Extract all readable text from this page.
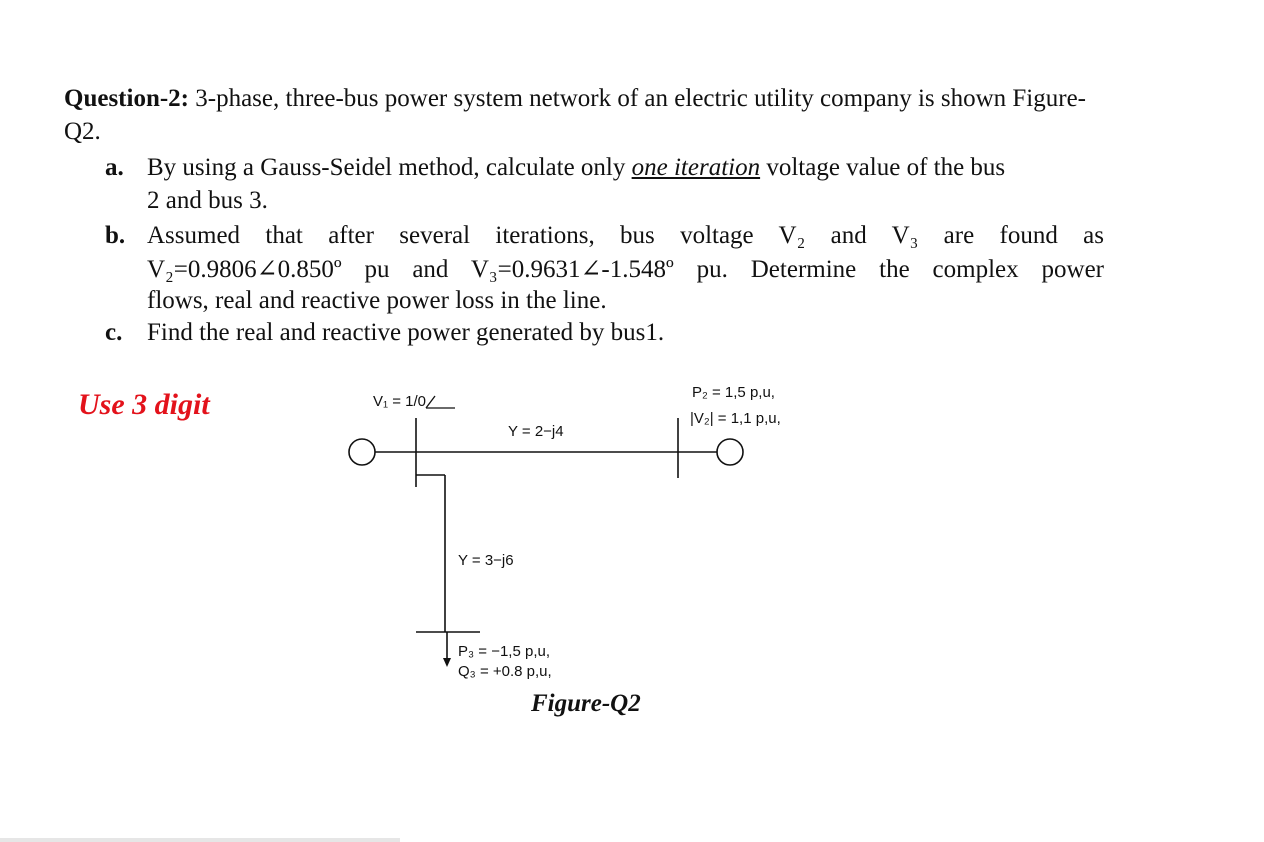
Question-2: 3-phase, three-bus power system network of an electric utility company is shown Figure-
Q2.
a. By using a Gauss-Seidel method, calculate only one iteration voltage value of the bus
2 and bus 3.
b. Assumed that after several iterations, bus voltage V₂ and V₃ are found as
V₂=0.9806∠0.850º pu and V₃=0.9631∠-1.548º pu. Determine the complex power
flows, real and reactive power loss in the line.
c. Find the real and reactive power generated by bus1.
Use 3 digit	V₁ = 1/0
Y = 2−j4
P₂ = 1,5 p,u,
|V₂| = 1,1 p,u,
Y = 3−j6
P₃ = −1,5 p,u,
Q₃ = +0.8 p,u,
Figure-Q2
